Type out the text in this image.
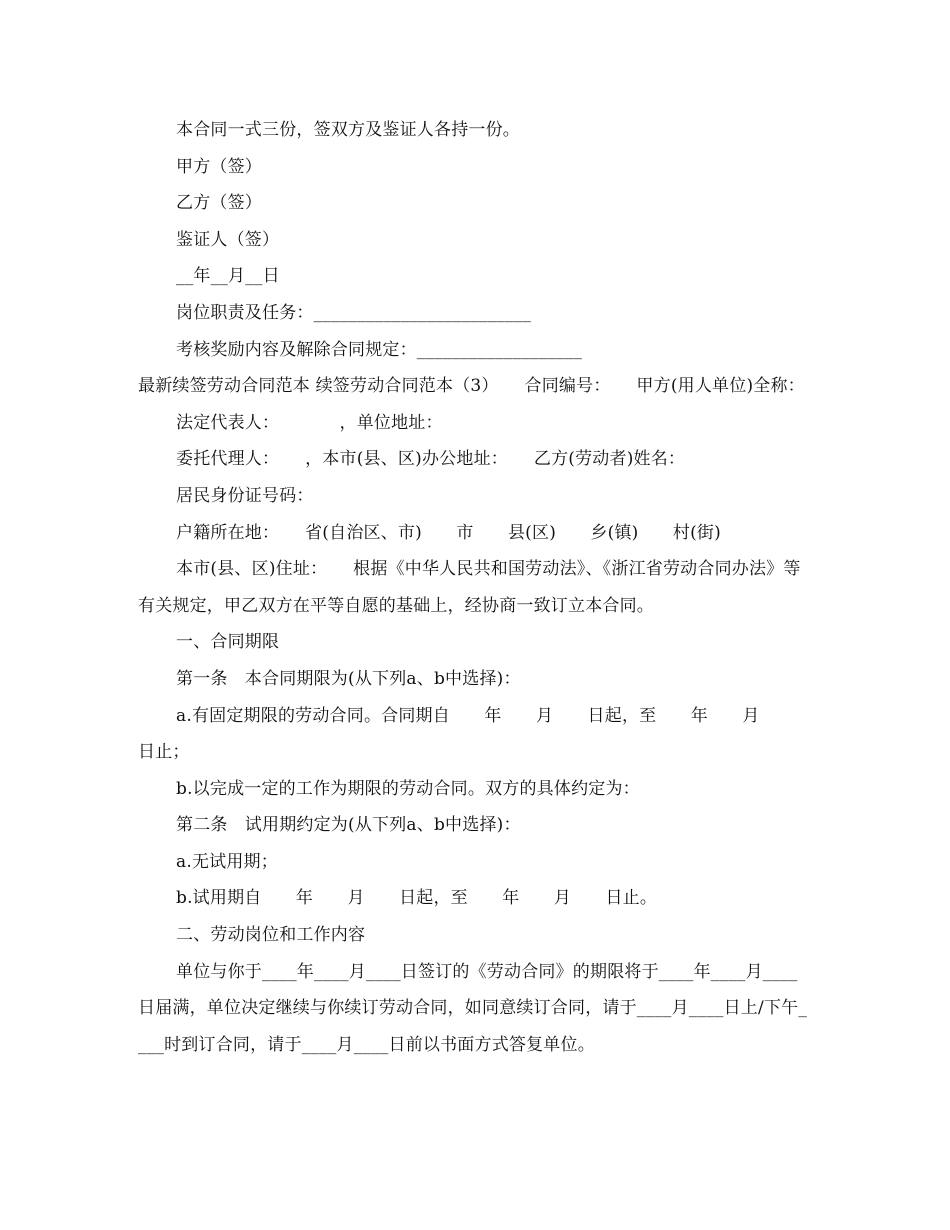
本合同一式三份，签双方及鉴证人各持一份。

甲方（签）

乙方（签）

鉴证人（签）

__年__月__日

岗位职责及任务：_________________________

考核奖励内容及解除合同规定：___________________

最新续签劳动合同范本 续签劳动合同范本（3）　　合同编号：　　甲方(用人单位)全称：

法定代表人：　　　　，单位地址：

委托代理人：　　，本市(县、区)办公地址：　　乙方(劳动者)姓名：

居民身份证号码：

户籍所在地：　　省(自治区、市)　　市　　县(区)　　乡(镇)　　村(街)

本市(县、区)住址：　　根据《中华人民共和国劳动法》、《浙江省劳动合同办法》等有关规定，甲乙双方在平等自愿的基础上，经协商一致订立本合同。

一、合同期限

第一条　本合同期限为(从下列a、b中选择)：

a.有固定期限的劳动合同。合同期自　　年　　月　　日起，至　　年　　月　　日止；

b.以完成一定的工作为期限的劳动合同。双方的具体约定为：

第二条　试用期约定为(从下列a、b中选择)：

a.无试用期；

b.试用期自　　年　　月　　日起，至　　年　　月　　日止。

二、劳动岗位和工作内容

单位与你于____年____月____日签订的《劳动合同》的期限将于____年____月____日届满，单位决定继续与你续订劳动合同，如同意续订合同，请于____月____日上/下午____时到订合同，请于____月____日前以书面方式答复单位。
